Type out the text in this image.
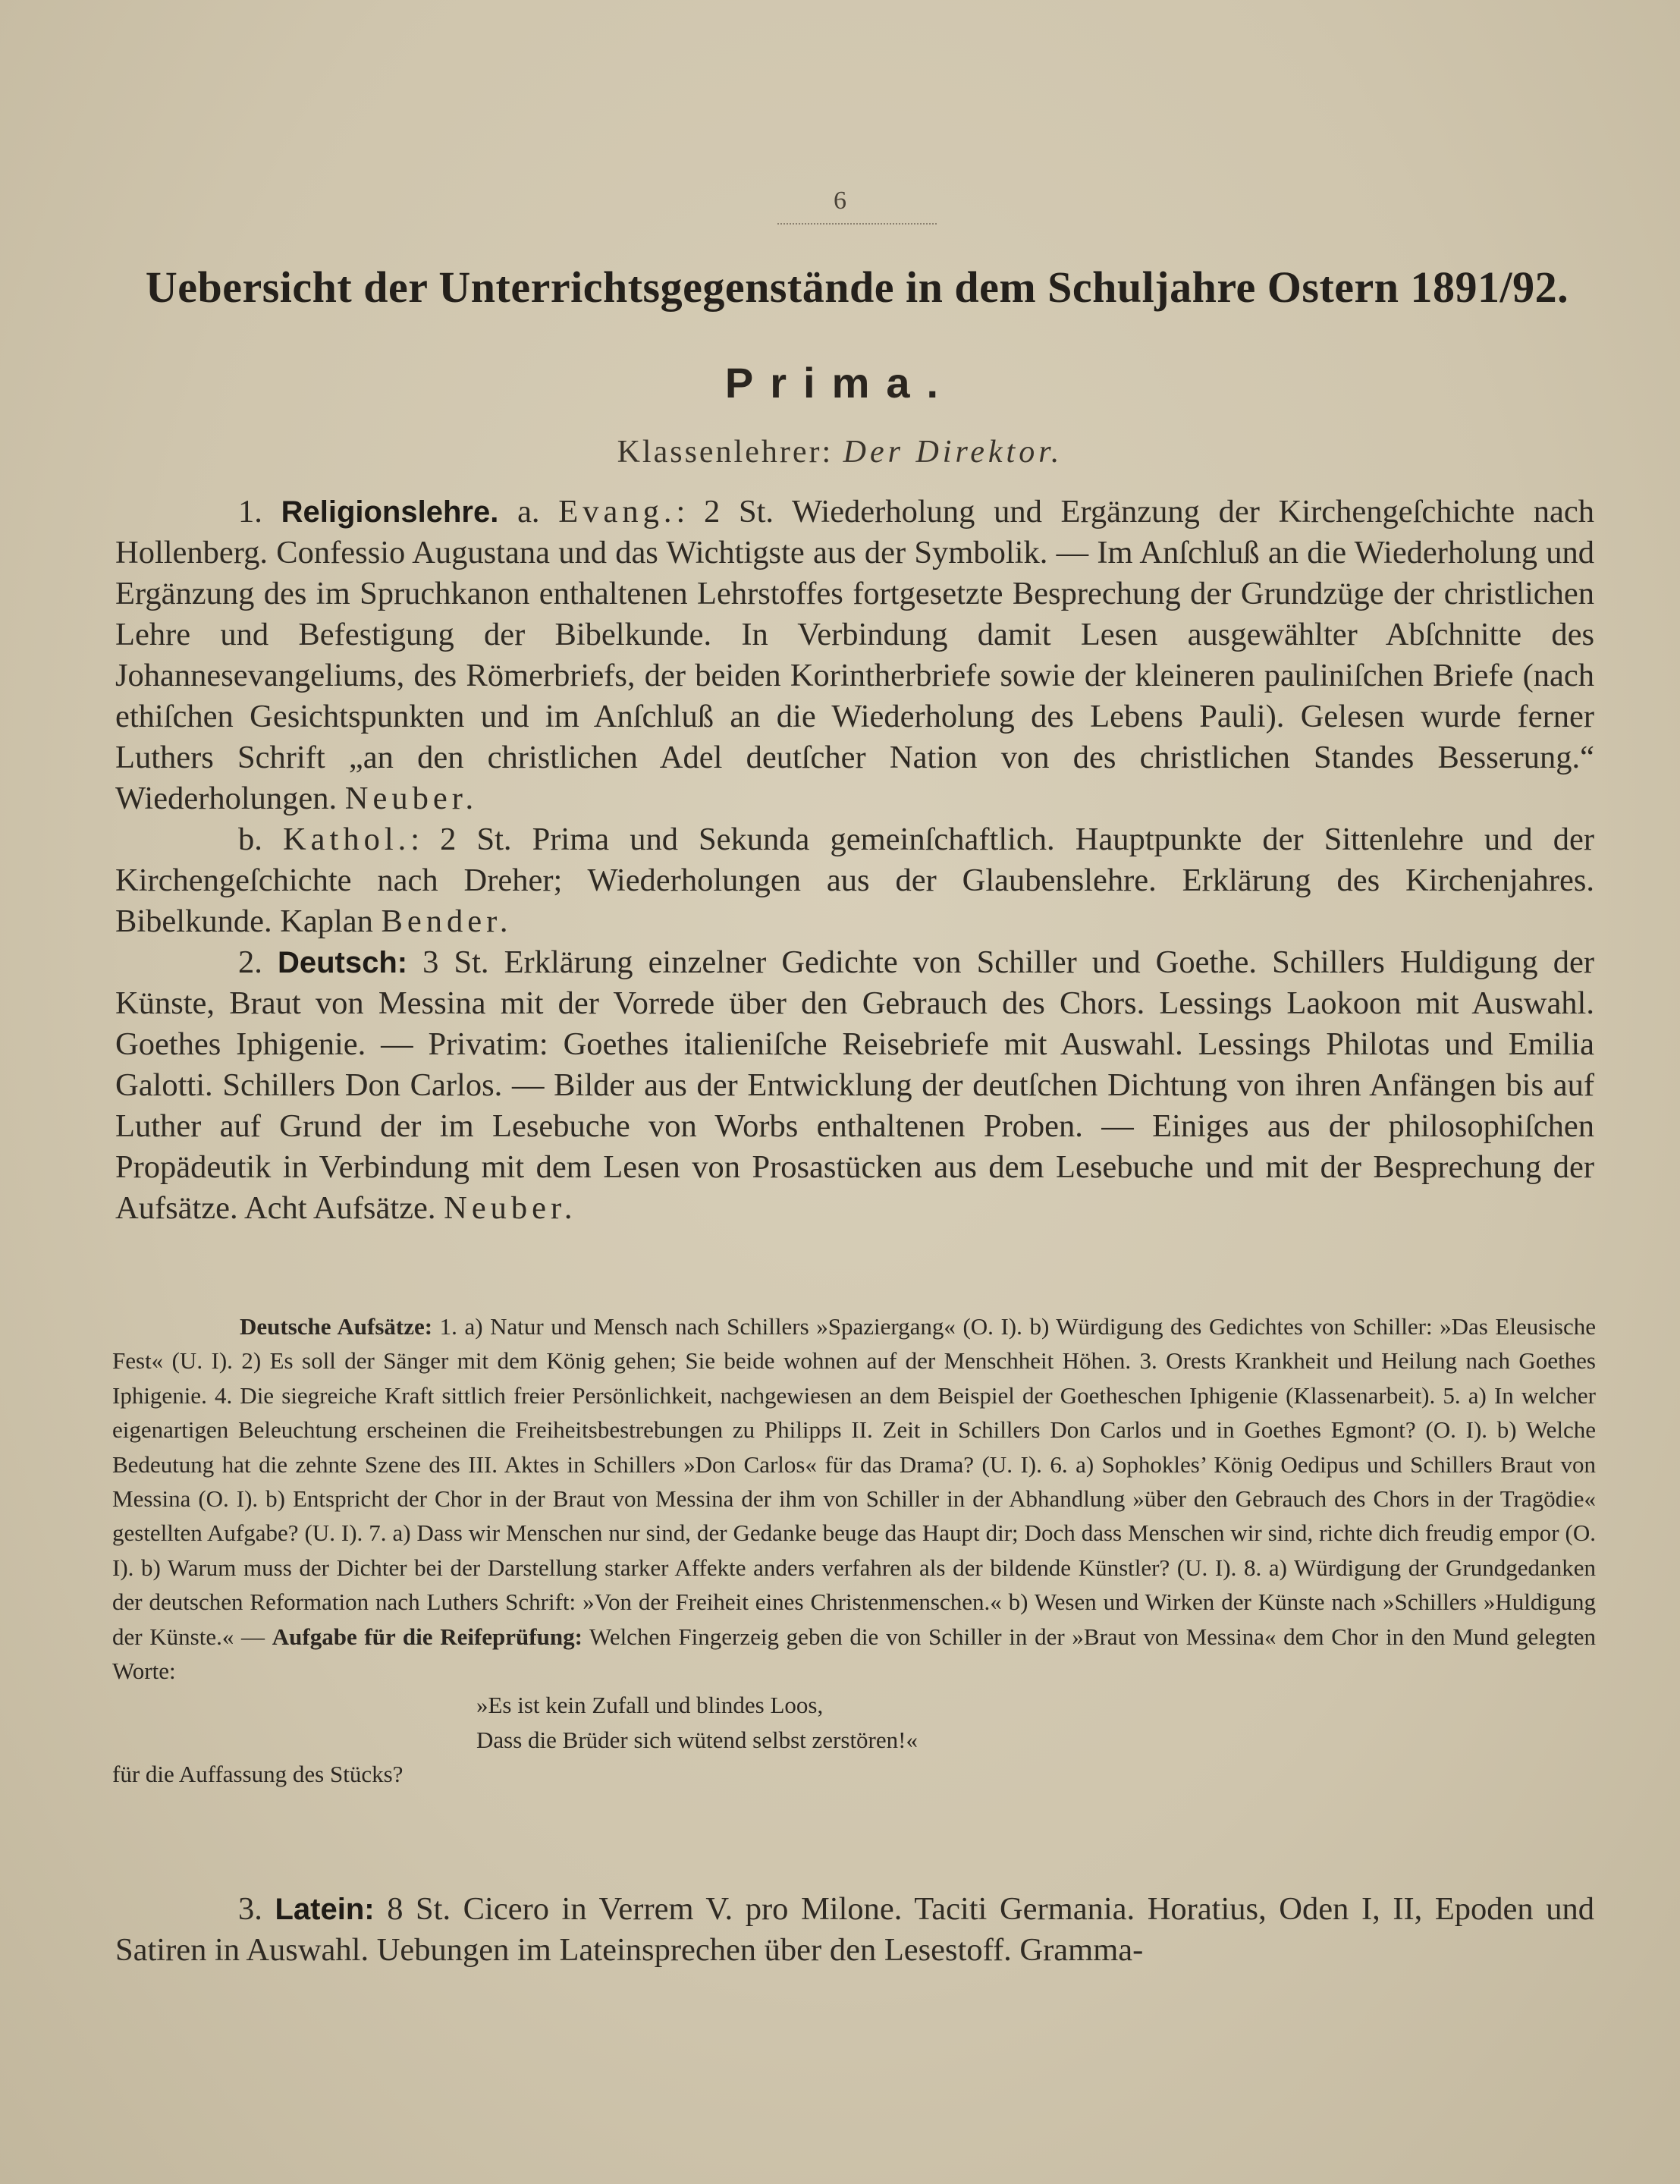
6
Uebersicht der Unterrichtsgegenstände in dem Schuljahre Ostern 1891/92.
Prima.
Klassenlehrer: Der Direktor.

1. Religionslehre. a. Evang.: 2 St. Wiederholung und Ergänzung der Kirchengeſchichte nach Hollenberg. Confessio Augustana und das Wichtigste aus der Symbolik. — Im Anſchluß an die Wiederholung und Ergänzung des im Spruchkanon enthaltenen Lehrstoffes fortgesetzte Besprechung der Grundzüge der christlichen Lehre und Befestigung der Bibelkunde. In Verbindung damit Lesen ausgewählter Abſchnitte des Johannesevangeliums, des Römerbriefs, der beiden Korintherbriefe sowie der kleineren pauliniſchen Briefe (nach ethiſchen Gesichtspunkten und im Anſchluß an die Wiederholung des Lebens Pauli). Gelesen wurde ferner Luthers Schrift „an den christlichen Adel deutſcher Nation von des christlichen Standes Besserung.“ Wiederholungen. Neuber.

b. Kathol.: 2 St. Prima und Sekunda gemeinſchaftlich. Hauptpunkte der Sittenlehre und der Kirchengeſchichte nach Dreher; Wiederholungen aus der Glaubenslehre. Erklärung des Kirchenjahres. Bibelkunde. Kaplan Bender.

2. Deutsch: 3 St. Erklärung einzelner Gedichte von Schiller und Goethe. Schillers Huldigung der Künste, Braut von Messina mit der Vorrede über den Gebrauch des Chors. Lessings Laokoon mit Auswahl. Goethes Iphigenie. — Privatim: Goethes italieniſche Reisebriefe mit Auswahl. Lessings Philotas und Emilia Galotti. Schillers Don Carlos. — Bilder aus der Entwicklung der deutſchen Dichtung von ihren Anfängen bis auf Luther auf Grund der im Lesebuche von Worbs enthaltenen Proben. — Einiges aus der philosophiſchen Propädeutik in Verbindung mit dem Lesen von Prosastücken aus dem Lesebuche und mit der Besprechung der Aufsätze. Acht Aufsätze. Neuber.

Deutsche Aufsätze: 1. a) Natur und Mensch nach Schillers »Spaziergang« (O. I). b) Würdigung des Gedichtes von Schiller: »Das Eleusische Fest« (U. I). 2) Es soll der Sänger mit dem König gehen; Sie beide wohnen auf der Menschheit Höhen. 3. Orests Krankheit und Heilung nach Goethes Iphigenie. 4. Die siegreiche Kraft sittlich freier Persönlichkeit, nachgewiesen an dem Beispiel der Goetheschen Iphigenie (Klassenarbeit). 5. a) In welcher eigenartigen Beleuchtung erscheinen die Freiheitsbestrebungen zu Philipps II. Zeit in Schillers Don Carlos und in Goethes Egmont? (O. I). b) Welche Bedeutung hat die zehnte Szene des III. Aktes in Schillers »Don Carlos« für das Drama? (U. I). 6. a) Sophokles’ König Oedipus und Schillers Braut von Messina (O. I). b) Entspricht der Chor in der Braut von Messina der ihm von Schiller in der Abhandlung »über den Gebrauch des Chors in der Tragödie« gestellten Aufgabe? (U. I). 7. a) Dass wir Menschen nur sind, der Gedanke beuge das Haupt dir; Doch dass Menschen wir sind, richte dich freudig empor (O. I). b) Warum muss der Dichter bei der Darstellung starker Affekte anders verfahren als der bildende Künstler? (U. I). 8. a) Würdigung der Grundgedanken der deutschen Reformation nach Luthers Schrift: »Von der Freiheit eines Christenmenschen.« b) Wesen und Wirken der Künste nach »Schillers »Huldigung der Künste.« — Aufgabe für die Reifeprüfung: Welchen Fingerzeig geben die von Schiller in der »Braut von Messina« dem Chor in den Mund gelegten Worte:

»Es ist kein Zufall und blindes Loos,

Dass die Brüder sich wütend selbst zerstören!«

für die Auffassung des Stücks?

3. Latein: 8 St. Cicero in Verrem V. pro Milone. Taciti Germania. Horatius, Oden I, II, Epoden und Satiren in Auswahl. Uebungen im Lateinsprechen über den Lesestoff. Gramma-
